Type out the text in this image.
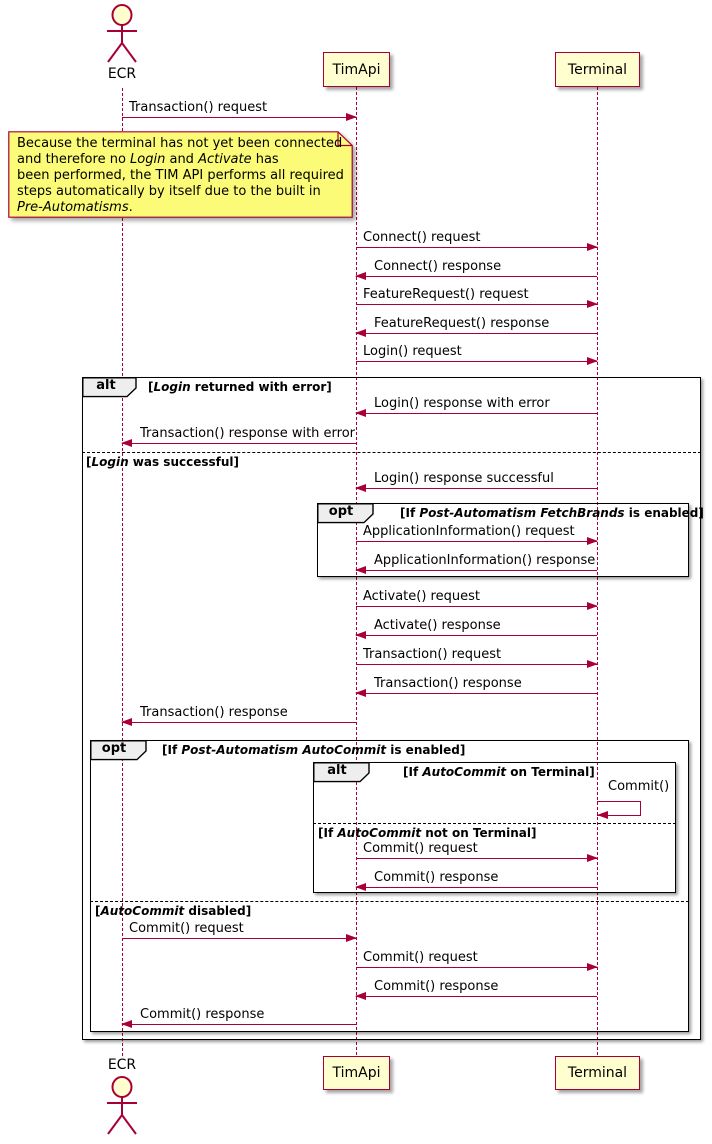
ECR	TimApi	Terminal
Transaction() request
Because the terminal has not yet been connected
and therefore no Login and Activate has
been performed, the TIM API performs all required
steps automatically by itself due to the built in
Pre-Automatisms.
Connect() request
Connect() response
FeatureRequest() request
FeatureRequest() response
Login() request
alt	[Login returned with error]
Login() response with error
Transaction() response with error
[Login was successful]
Login() response successful
opt	[If Post-Automatism FetchBrands is enabled]
ApplicationInformation() request
ApplicationInformation() response
Activate() request
Activate() response
Transaction() request
Transaction() response
Transaction() response
opt	[If Post-Automatism AutoCommit is enabled]
alt	[If AutoCommit on Terminal]
Commit()
[If AutoCommit not on Terminal]
Commit() request
Commit() response
[AutoCommit disabled]
Commit() request
Commit() request
Commit() response
Commit() response
ECR	TimApi	Terminal
